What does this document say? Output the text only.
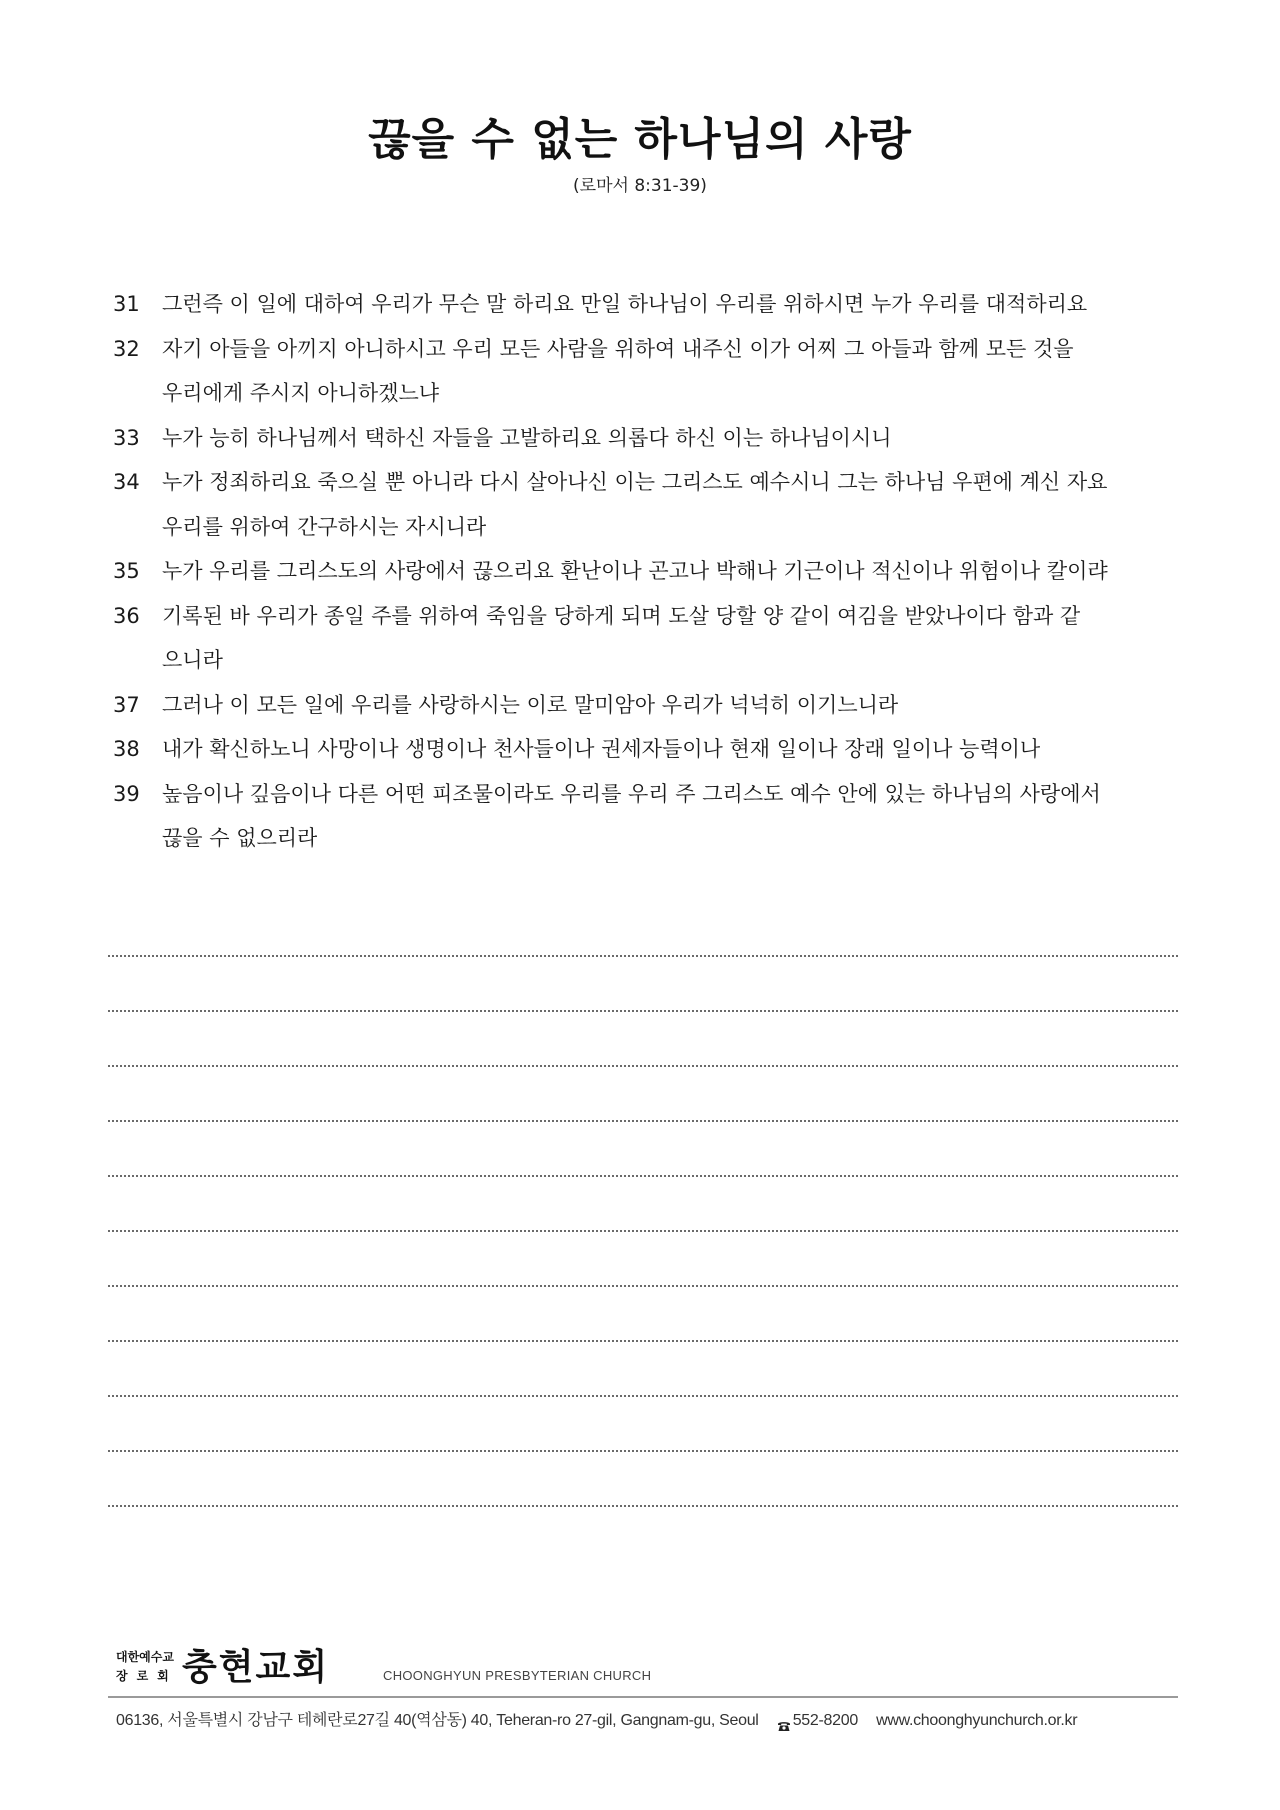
끊을 수 없는 하나님의 사랑
(로마서 8:31-39)
31	그런즉 이 일에 대하여 우리가 무슨 말 하리요 만일 하나님이 우리를 위하시면 누가 우리를 대적하리요
32	자기 아들을 아끼지 아니하시고 우리 모든 사람을 위하여 내주신 이가 어찌 그 아들과 함께 모든 것을
우리에게 주시지 아니하겠느냐
33	누가 능히 하나님께서 택하신 자들을 고발하리요 의롭다 하신 이는 하나님이시니
34	누가 정죄하리요 죽으실 뿐 아니라 다시 살아나신 이는 그리스도 예수시니 그는 하나님 우편에 계신 자요
우리를 위하여 간구하시는 자시니라
35	누가 우리를 그리스도의 사랑에서 끊으리요 환난이나 곤고나 박해나 기근이나 적신이나 위험이나 칼이랴
36	기록된 바 우리가 종일 주를 위하여 죽임을 당하게 되며 도살 당할 양 같이 여김을 받았나이다 함과 같
으니라
37	그러나 이 모든 일에 우리를 사랑하시는 이로 말미암아 우리가 넉넉히 이기느니라
38	내가 확신하노니 사망이나 생명이나 천사들이나 권세자들이나 현재 일이나 장래 일이나 능력이나
39	높음이나 깊음이나 다른 어떤 피조물이라도 우리를 우리 주 그리스도 예수 안에 있는 하나님의 사랑에서
끊을 수 없으리라
대한예수교
장로회 충현교회	CHOONGHYUN PRESBYTERIAN CHURCH
06136, 서울특별시 강남구 테헤란로27길 40(역삼동) 40, Teheran-ro 27-gil, Gangnam-gu, Seoul 552-8200 www.choonghyunchurch.or.kr
